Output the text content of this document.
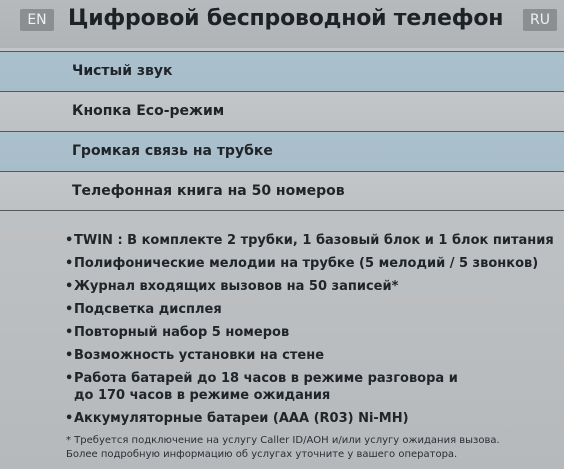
EN Цифровой беспроводной телефон	RU
Чистый звук
Кнопка Eco-режим
Громкая связь на трубке
Телефонная книга на 50 номеров
• TWIN : В комплекте 2 трубки, 1 базовый блок и 1 блок питания
• Полифонические мелодии на трубке (5 мелодий / 5 звонков)
• Журнал входящих вызовов на 50 записей*
• Подсветка дисплея
• Повторный набор 5 номеров
• Возможность установки на стене
• Работа батарей до 18 часов в режиме разговора и
до 170 часов в режиме ожидания
• Аккумуляторные батареи (AAA (R03) Ni-MH)
* Требуется подключение на услугу Caller ID/АОН и/или услугу ожидания вызова.
Более подробную информацию об услугах уточните у вашего оператора.
